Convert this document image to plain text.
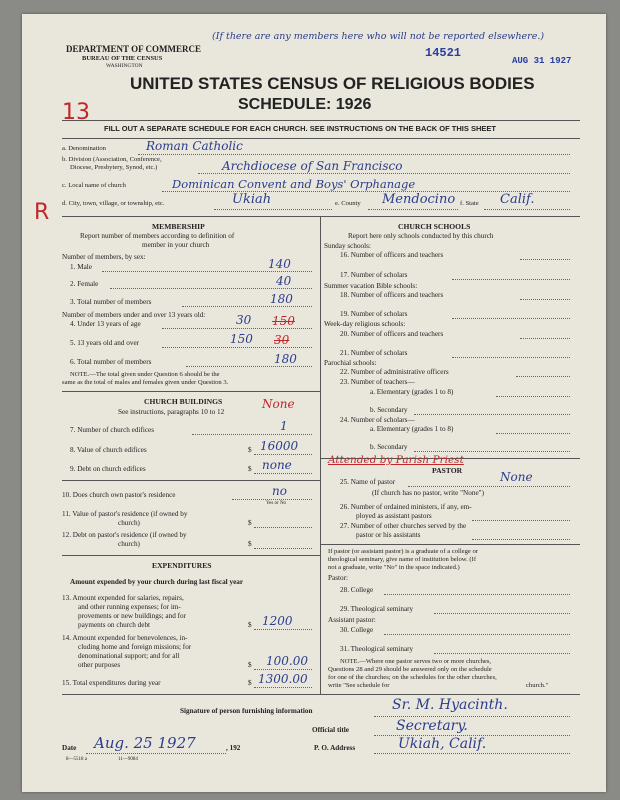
DEPARTMENT OF COMMERCE
BUREAU OF THE CENSUS
WASHINGTON
(If there are any members here who will not be reported elsewhere.)
14521
AUG 31 1927
UNITED STATES CENSUS OF RELIGIOUS BODIES
SCHEDULE: 1926
13
R
FILL OUT A SEPARATE SCHEDULE FOR EACH CHURCH. SEE INSTRUCTIONS ON THE BACK OF THIS SHEET
a. Denomination	Roman Catholic
b. Division (Association, Conference,
Diocese, Presbytery, Synod, etc.)	Archdiocese of San Francisco
c. Local name of church	Dominican Convent and Boys' Orphanage
d. City, town, village, or township, etc.	Ukiah	e. County Mendocino f. State Calif.
MEMBERSHIP
Report number of members according to definition of
member in your church
Number of members, by sex:
1. Male	140
2. Female	40
3. Total number of members	180
Number of members under and over 13 years old:
4. Under 13 years of age	30 150
5. 13 years old and over	150 30
6. Total number of members	180
NOTE.—The total given under Question 6 should be the
same as the total of males and females given under Question 3.
CHURCH BUILDINGS
See instructions, paragraphs 10 to 12
None
7. Number of church edifices	1
8. Value of church edifices	$ 16000
9. Debt on church edifices	$ none
10. Does church own pastor's residence	no
Yes or No
11. Value of pastor's residence (if owned by
church)	$
12. Debt on pastor's residence (if owned by
church)	$
EXPENDITURES
Amount expended by your church during last fiscal year
13. Amount expended for salaries, repairs,
and other running expenses; for im-
provements or new buildings; and for
payments on church debt	$ 1200
14. Amount expended for benevolences, in-
cluding home and foreign missions; for
denominational support; and for all
other purposes	$ 100.00
15. Total expenditures during year	$ 1300.00
CHURCH SCHOOLS
Report here only schools conducted by this church
Sunday schools:
16. Number of officers and teachers
17. Number of scholars
Summer vacation Bible schools:
18. Number of officers and teachers
19. Number of scholars
Week-day religious schools:
20. Number of officers and teachers
21. Number of scholars
Parochial schools:
22. Number of administrative officers
23. Number of teachers—
a. Elementary (grades 1 to 8)
b. Secondary
24. Number of scholars—
a. Elementary (grades 1 to 8)
b. Secondary
Attended by Parish Priest
PASTOR
25. Name of pastor	None
(If church has no pastor, write "None")
26. Number of ordained ministers, if any, em-
ployed as assistant pastors
27. Number of other churches served by the
pastor or his assistants
If pastor (or assistant pastor) is a graduate of a college or
theological seminary, give name of institution below. (If
not a graduate, write "No" in the space indicated.)
Pastor:
28. College
29. Theological seminary
Assistant pastor:
30. College
31. Theological seminary
NOTE.—Where one pastor serves two or more churches,
Questions 28 and 29 should be answered only on the schedule
for one of the churches; on the schedules for the other churches,
write "See schedule for	church."
Signature of person furnishing information	Sr. M. Hyacinth.
Official title	Secretary.
Date Aug. 25 1927	, 192	P. O. Address	Ukiah, Calif.
8—5518 a	11—9084
